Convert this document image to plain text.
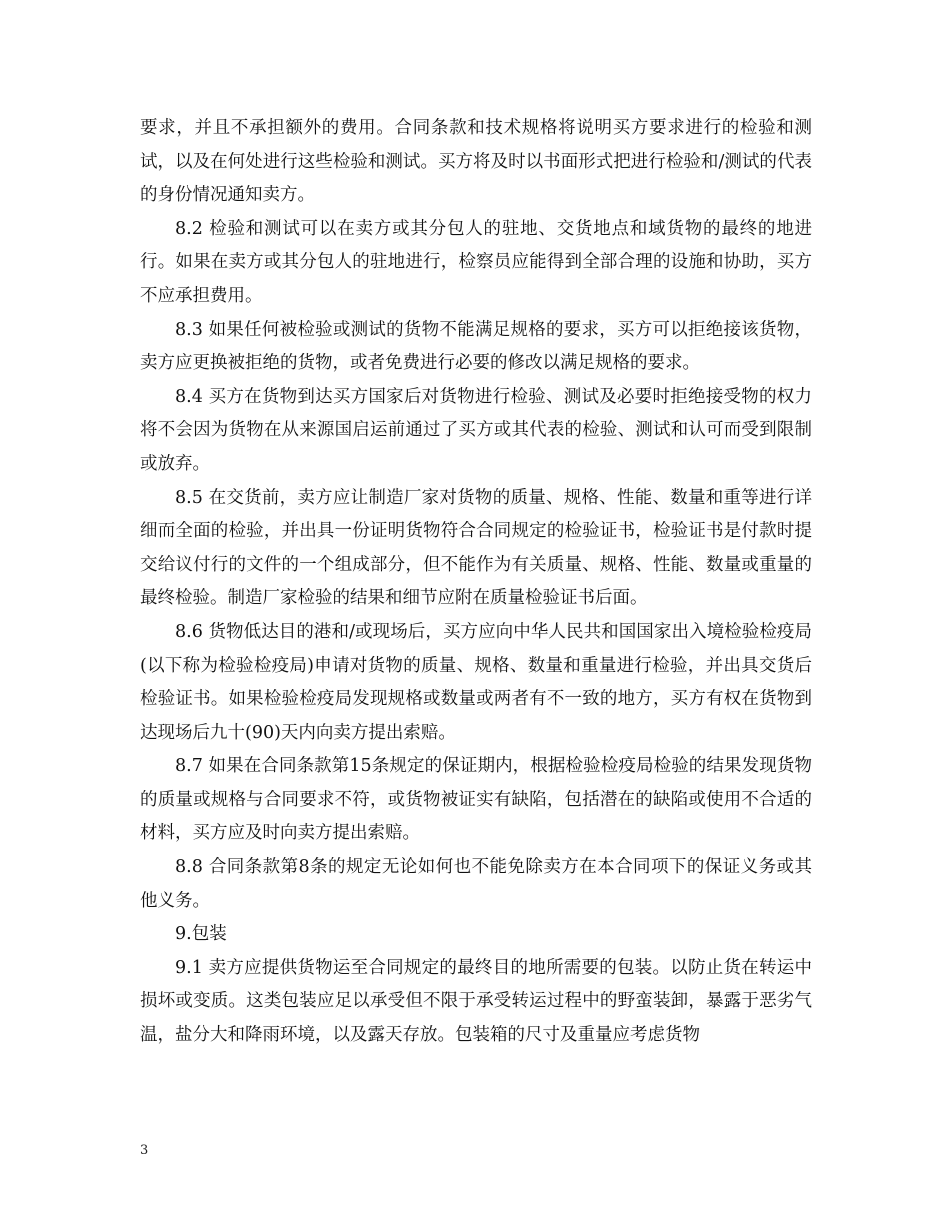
要求，并且不承担额外的费用。合同条款和技术规格将说明买方要求进行的检验和测试，以及在何处进行这些检验和测试。买方将及时以书面形式把进行检验和/测试的代表的身份情况通知卖方。

8.2 检验和测试可以在卖方或其分包人的驻地、交货地点和域货物的最终的地进行。如果在卖方或其分包人的驻地进行，检察员应能得到全部合理的设施和协助，买方不应承担费用。

8.3 如果任何被检验或测试的货物不能满足规格的要求，买方可以拒绝接该货物，卖方应更换被拒绝的货物，或者免费进行必要的修改以满足规格的要求。

8.4 买方在货物到达买方国家后对货物进行检验、测试及必要时拒绝接受物的权力将不会因为货物在从来源国启运前通过了买方或其代表的检验、测试和认可而受到限制或放弃。

8.5 在交货前，卖方应让制造厂家对货物的质量、规格、性能、数量和重等进行详细而全面的检验，并出具一份证明货物符合合同规定的检验证书，检验证书是付款时提交给议付行的文件的一个组成部分，但不能作为有关质量、规格、性能、数量或重量的最终检验。制造厂家检验的结果和细节应附在质量检验证书后面。

8.6 货物低达目的港和/或现场后，买方应向中华人民共和国国家出入境检验检疫局(以下称为检验检疫局)申请对货物的质量、规格、数量和重量进行检验，并出具交货后检验证书。如果检验检疫局发现规格或数量或两者有不一致的地方，买方有权在货物到达现场后九十(90)天内向卖方提出索赔。

8.7 如果在合同条款第15条规定的保证期内，根据检验检疫局检验的结果发现货物的质量或规格与合同要求不符，或货物被证实有缺陷，包括潜在的缺陷或使用不合适的材料，买方应及时向卖方提出索赔。

8.8 合同条款第8条的规定无论如何也不能免除卖方在本合同项下的保证义务或其他义务。

9.包装

9.1 卖方应提供货物运至合同规定的最终目的地所需要的包装。以防止货在转运中损坏或变质。这类包装应足以承受但不限于承受转运过程中的野蛮装卸，暴露于恶劣气温，盐分大和降雨环境，以及露天存放。包装箱的尺寸及重量应考虑货物

3
